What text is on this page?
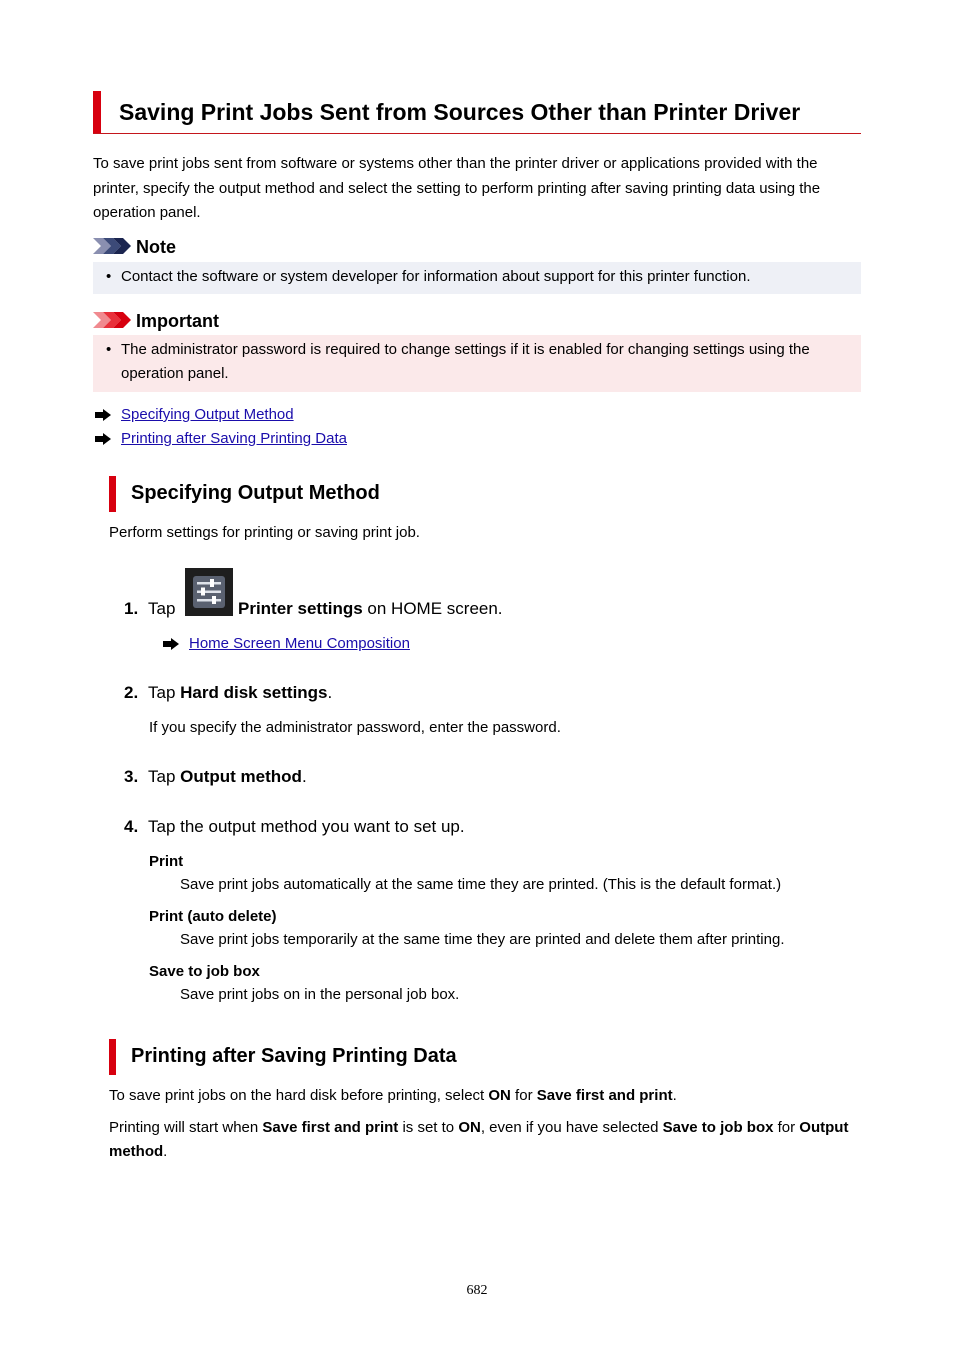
Saving Print Jobs Sent from Sources Other than Printer Driver

To save print jobs sent from software or systems other than the printer driver or applications provided with the printer, specify the output method and select the setting to perform printing after saving printing data using the operation panel.

Note
• Contact the software or system developer for information about support for this printer function.
Important
• The administrator password is required to change settings if it is enabled for changing settings using the operation panel.
Specifying Output Method
Printing after Saving Printing Data
Specifying Output Method

Perform settings for printing or saving print job.

1. Tap	Printer settings on HOME screen.
Home Screen Menu Composition
2. Tap Hard disk settings.

If you specify the administrator password, enter the password.

3. Tap Output method.
4. Tap the output method you want to set up.
Print
Save print jobs automatically at the same time they are printed. (This is the default format.)
Print (auto delete)
Save print jobs temporarily at the same time they are printed and delete them after printing.
Save to job box
Save print jobs on in the personal job box.
Printing after Saving Printing Data

To save print jobs on the hard disk before printing, select ON for Save first and print.

Printing will start when Save first and print is set to ON, even if you have selected Save to job box for Output method.

682
